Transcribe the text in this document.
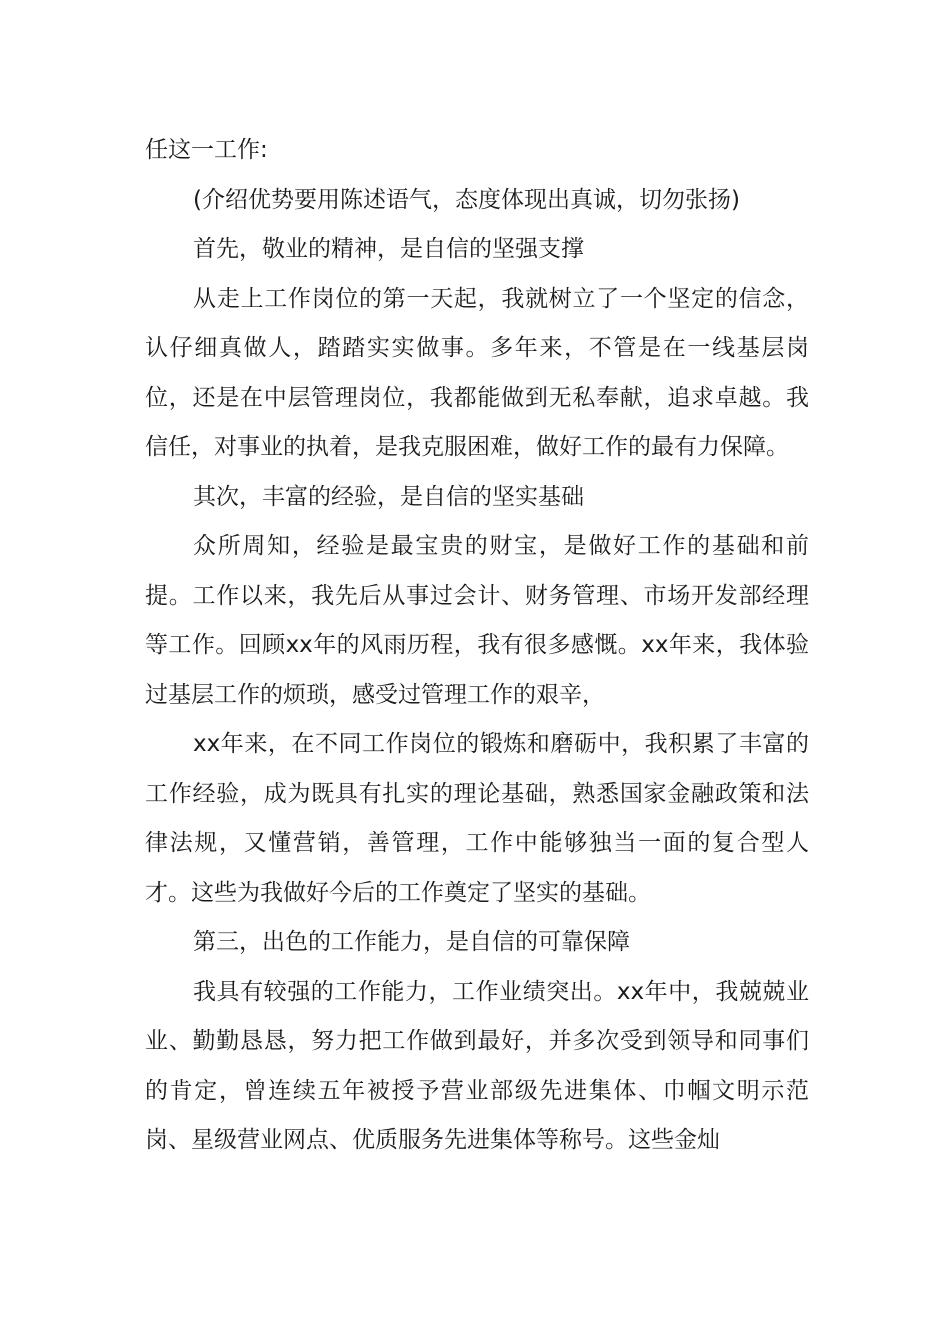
任这一工作:

(介绍优势要用陈述语气，态度体现出真诚，切勿张扬)

首先，敬业的精神，是自信的坚强支撑

从走上工作岗位的第一天起，我就树立了一个坚定的信念，认仔细真做人，踏踏实实做事。多年来，不管是在一线基层岗位，还是在中层管理岗位，我都能做到无私奉献，追求卓越。我信任，对事业的执着，是我克服困难，做好工作的最有力保障。

其次，丰富的经验，是自信的坚实基础

众所周知，经验是最宝贵的财宝，是做好工作的基础和前提。工作以来，我先后从事过会计、财务管理、市场开发部经理等工作。回顾xx年的风雨历程，我有很多感慨。xx年来，我体验过基层工作的烦琐，感受过管理工作的艰辛，

xx年来，在不同工作岗位的锻炼和磨砺中，我积累了丰富的工作经验，成为既具有扎实的理论基础，熟悉国家金融政策和法律法规，又懂营销，善管理，工作中能够独当一面的复合型人才。这些为我做好今后的工作奠定了坚实的基础。

第三，出色的工作能力，是自信的可靠保障

我具有较强的工作能力，工作业绩突出。xx年中，我兢兢业业、勤勤恳恳，努力把工作做到最好，并多次受到领导和同事们的肯定，曾连续五年被授予营业部级先进集体、巾帼文明示范岗、星级营业网点、优质服务先进集体等称号。这些金灿
